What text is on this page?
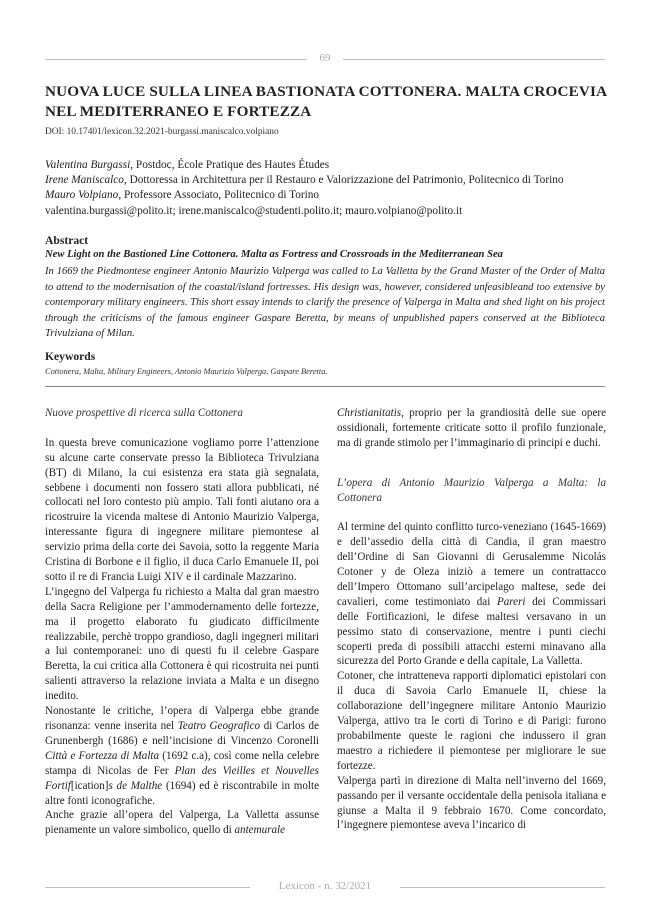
69
NUOVA LUCE SULLA LINEA BASTIONATA COTTONERA. MALTA CROCEVIA NEL MEDITERRANEO E FORTEZZA
DOI: 10.17401/lexicon.32.2021-burgassi.maniscalco.volpiano
Valentina Burgassi, Postdoc, École Pratique des Hautes Études
Irene Maniscalco, Dottoressa in Architettura per il Restauro e Valorizzazione del Patrimonio, Politecnico di Torino
Mauro Volpiano, Professore Associato, Politecnico di Torino
valentina.burgassi@polito.it; irene.maniscalco@studenti.polito.it; mauro.volpiano@polito.it
Abstract
New Light on the Bastioned Line Cottonera. Malta as Fortress and Crossroads in the Mediterranean Sea
In 1669 the Piedmontese engineer Antonio Maurizio Valperga was called to La Valletta by the Grand Master of the Order of Malta to attend to the modernisation of the coastal/island fortresses. His design was, however, considered unfeasibleand too extensive by contemporary military engineers. This short essay intends to clarify the presence of Valperga in Malta and shed light on his project through the criticisms of the famous engineer Gaspare Beretta, by means of unpublished papers conserved at the Biblioteca Trivulziana of Milan.
Keywords
Cottonera, Malta, Military Engineers, Antonio Maurizio Valperga, Gaspare Beretta.

Nuove prospettive di ricerca sulla Cottonera

In questa breve comunicazione vogliamo porre l’attenzione su alcune carte conservate presso la Biblioteca Trivulziana (BT) di Milano, la cui esistenza era stata già segnalata, sebbene i documenti non fossero stati allora pubblicati, né collocati nel loro contesto più ampio. Tali fonti aiutano ora a ricostruire la vicenda maltese di Antonio Maurizio Valperga, interessante figura di ingegnere militare piemontese al servizio prima della corte dei Savoia, sotto la reggente Maria Cristina di Borbone e il figlio, il duca Carlo Emanuele II, poi sotto il re di Francia Luigi XIV e il cardinale Mazzarino.

L’ingegno del Valperga fu richiesto a Malta dal gran maestro della Sacra Religione per l’ammodernamento delle fortezze, ma il progetto elaborato fu giudicato difficilmente realizzabile, perchè troppo grandioso, dagli ingegneri militari a lui contemporanei: uno di questi fu il celebre Gaspare Beretta, la cui critica alla Cottonera è qui ricostruita nei punti salienti attraverso la relazione inviata a Malta e un disegno inedito.

Nonostante le critiche, l’opera di Valperga ebbe grande risonanza: venne inserita nel Teatro Geografico di Carlos de Grunenbergh (1686) e nell’incisione di Vincenzo Coronelli Città e Fortezza di Malta (1692 c.a), così come nella celebre stampa di Nicolas de Fer Plan des Vieilles et Nouvelles Fortif[ication]s de Malthe (1694) ed è riscontrabile in molte altre fonti iconografiche.

Anche grazie all’opera del Valperga, La Valletta assunse pienamente un valore simbolico, quello di antemurale

Christianitatis, proprio per la grandiosità delle sue opere ossidionali, fortemente criticate sotto il profilo funzionale, ma di grande stimolo per l’immaginario di principi e duchi.

L’opera di Antonio Maurizio Valperga a Malta: la Cottonera

Al termine del quinto conflitto turco-veneziano (1645-1669) e dell’assedio della città di Candia, il gran maestro dell’Ordine di San Giovanni di Gerusalemme Nicolás Cotoner y de Oleza iniziò a temere un contrattacco dell’Impero Ottomano sull’arcipelago maltese, sede dei cavalieri, come testimoniato dai Pareri dei Commissari delle Fortificazioni, le difese maltesi versavano in un pessimo stato di conservazione, mentre i punti ciechi scoperti preda di possibili attacchi esterni minavano alla sicurezza del Porto Grande e della capitale, La Valletta.

Cotoner, che intratteneva rapporti diplomatici epistolari con il duca di Savoia Carlo Emanuele II, chiese la collaborazione dell’ingegnere militare Antonio Maurizio Valperga, attivo tra le corti di Torino e di Parigi: furono probabilmente queste le ragioni che indussero il gran maestro a richiedere il piemontese per migliorare le sue fortezze.

Valperga partì in direzione di Malta nell’inverno del 1669, passando per il versante occidentale della penisola italiana e giunse a Malta il 9 febbraio 1670. Come concordato, l’ingegnere piemontese aveva l’incarico di

Lexicon - n. 32/2021
